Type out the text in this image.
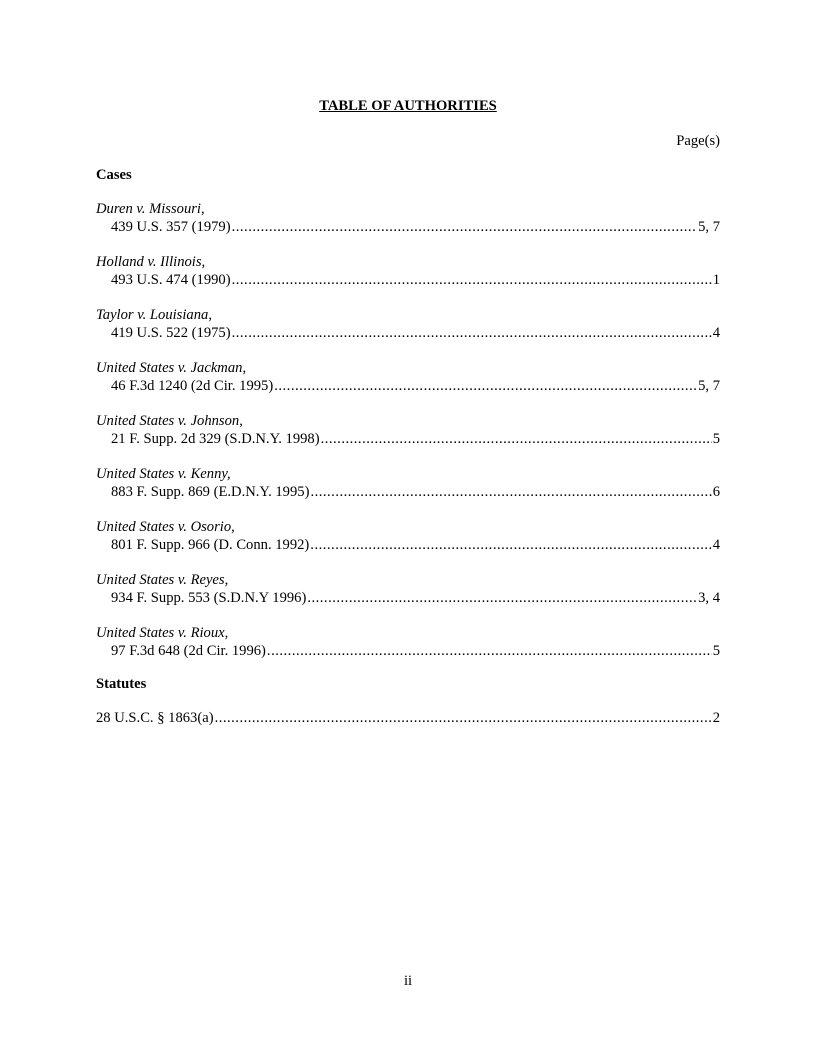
TABLE OF AUTHORITIES
Page(s)
Cases
Duren v. Missouri,
439 U.S. 357 (1979) .....	5, 7
Holland v. Illinois,
493 U.S. 474 (1990) .....	1
Taylor v. Louisiana,
419 U.S. 522 (1975) .....	4
United States v. Jackman,
46 F.3d 1240 (2d Cir. 1995) .....	5, 7
United States v. Johnson,
21 F. Supp. 2d 329 (S.D.N.Y. 1998) .....	5
United States v. Kenny,
883 F. Supp. 869 (E.D.N.Y. 1995) .....	6
United States v. Osorio,
801 F. Supp. 966 (D. Conn. 1992) .....	4
United States v. Reyes,
934 F. Supp. 553 (S.D.N.Y 1996) .....	3, 4
United States v. Rioux,
97 F.3d 648 (2d Cir. 1996) .....	5
Statutes
28 U.S.C. § 1863(a) .....	2
ii
